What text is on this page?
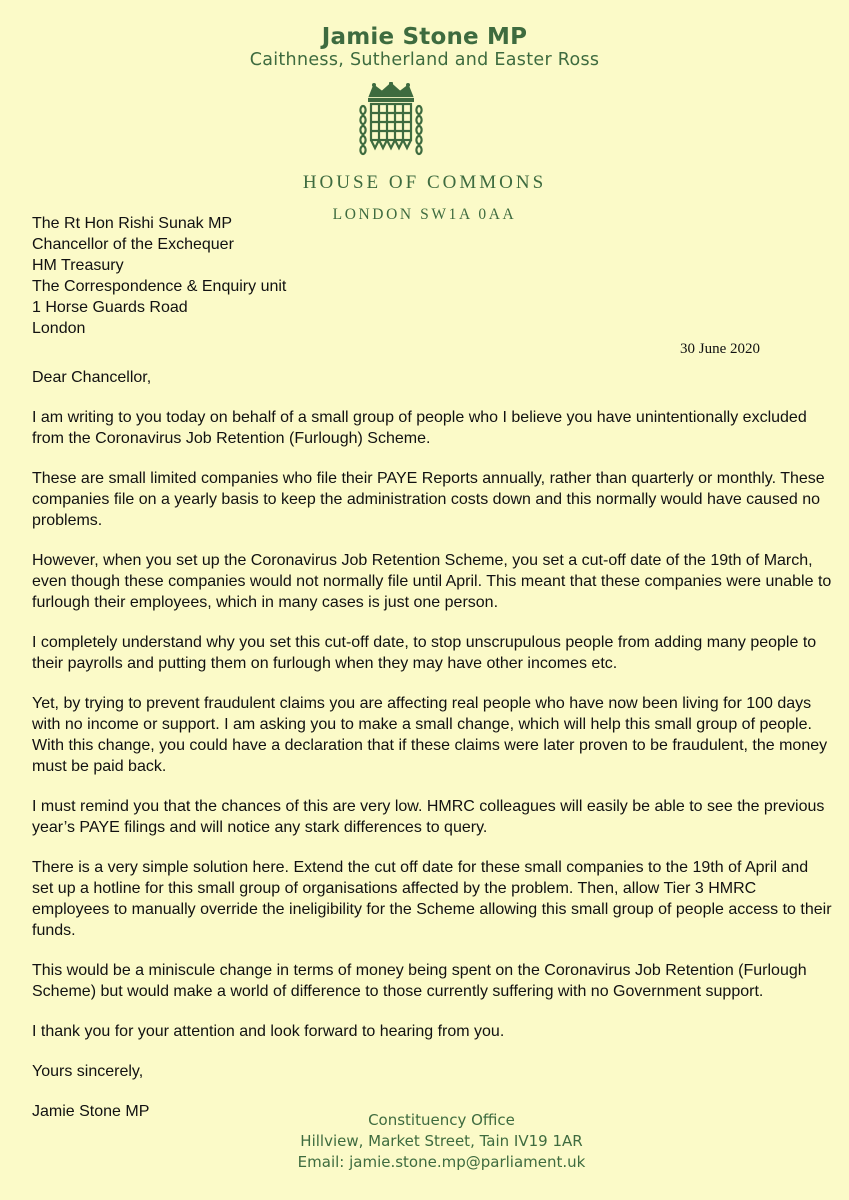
Jamie Stone MP
Caithness, Sutherland and Easter Ross
HOUSE OF COMMONS
LONDON SW1A 0AA
The Rt Hon Rishi Sunak MP
Chancellor of the Exchequer
HM Treasury
The Correspondence & Enquiry unit
1 Horse Guards Road
London
30 June 2020

Dear Chancellor,

I am writing to you today on behalf of a small group of people who I believe you have unintentionally excluded from the Coronavirus Job Retention (Furlough) Scheme.

These are small limited companies who file their PAYE Reports annually, rather than quarterly or monthly. These companies file on a yearly basis to keep the administration costs down and this normally would have caused no problems.

However, when you set up the Coronavirus Job Retention Scheme, you set a cut-off date of the 19th of March, even though these companies would not normally file until April. This meant that these companies were unable to furlough their employees, which in many cases is just one person.

I completely understand why you set this cut-off date, to stop unscrupulous people from adding many people to their payrolls and putting them on furlough when they may have other incomes etc.

Yet, by trying to prevent fraudulent claims you are affecting real people who have now been living for 100 days with no income or support. I am asking you to make a small change, which will help this small group of people. With this change, you could have a declaration that if these claims were later proven to be fraudulent, the money must be paid back.

I must remind you that the chances of this are very low. HMRC colleagues will easily be able to see the previous year’s PAYE filings and will notice any stark differences to query.

There is a very simple solution here. Extend the cut off date for these small companies to the 19th of April and set up a hotline for this small group of organisations affected by the problem. Then, allow Tier 3 HMRC employees to manually override the ineligibility for the Scheme allowing this small group of people access to their funds.

This would be a miniscule change in terms of money being spent on the Coronavirus Job Retention (Furlough Scheme) but would make a world of difference to those currently suffering with no Government support.

I thank you for your attention and look forward to hearing from you.

Yours sincerely,

Jamie Stone MP	Constituency Office
Hillview, Market Street, Tain IV19 1AR
Email: jamie.stone.mp@parliament.uk
